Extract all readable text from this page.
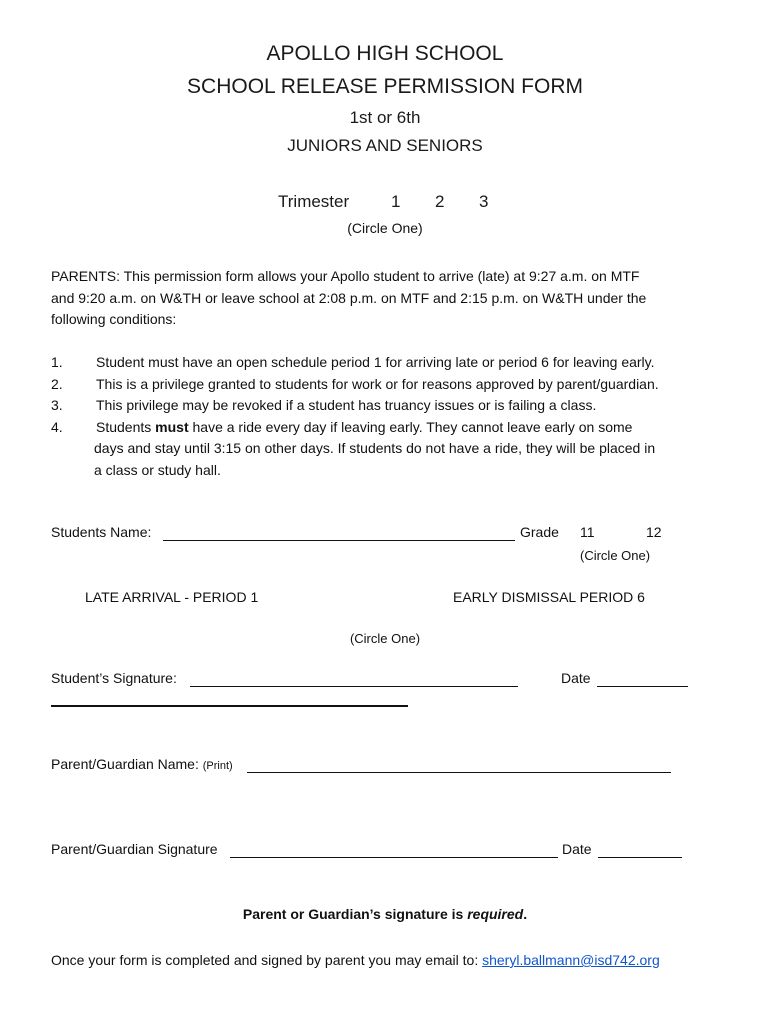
APOLLO HIGH SCHOOL
SCHOOL RELEASE PERMISSION FORM
1st or 6th
JUNIORS AND SENIORS
Trimester 1 2 3
(Circle One)
PARENTS: This permission form allows your Apollo student to arrive (late) at 9:27 a.m. on MTF
and 9:20 a.m. on W&TH or leave school at 2:08 p.m. on MTF and 2:15 p.m. on W&TH under the
following conditions:
1. Student must have an open schedule period 1 for arriving late or period 6 for leaving early.
2. This is a privilege granted to students for work or for reasons approved by parent/guardian.
3. This privilege may be revoked if a student has truancy issues or is failing a class.
4. Students must have a ride every day if leaving early. They cannot leave early on some
days and stay until 3:15 on other days. If students do not have a ride, they will be placed in
a class or study hall.
Students Name:	Grade 11	12
(Circle One)
LATE ARRIVAL - PERIOD 1	EARLY DISMISSAL PERIOD 6
(Circle One)
Student’s Signature:	Date
Parent/Guardian Name: (Print)
Parent/Guardian Signature	Date
Parent or Guardian’s signature is required.
Once your form is completed and signed by parent you may email to: sheryl.ballmann@isd742.org
